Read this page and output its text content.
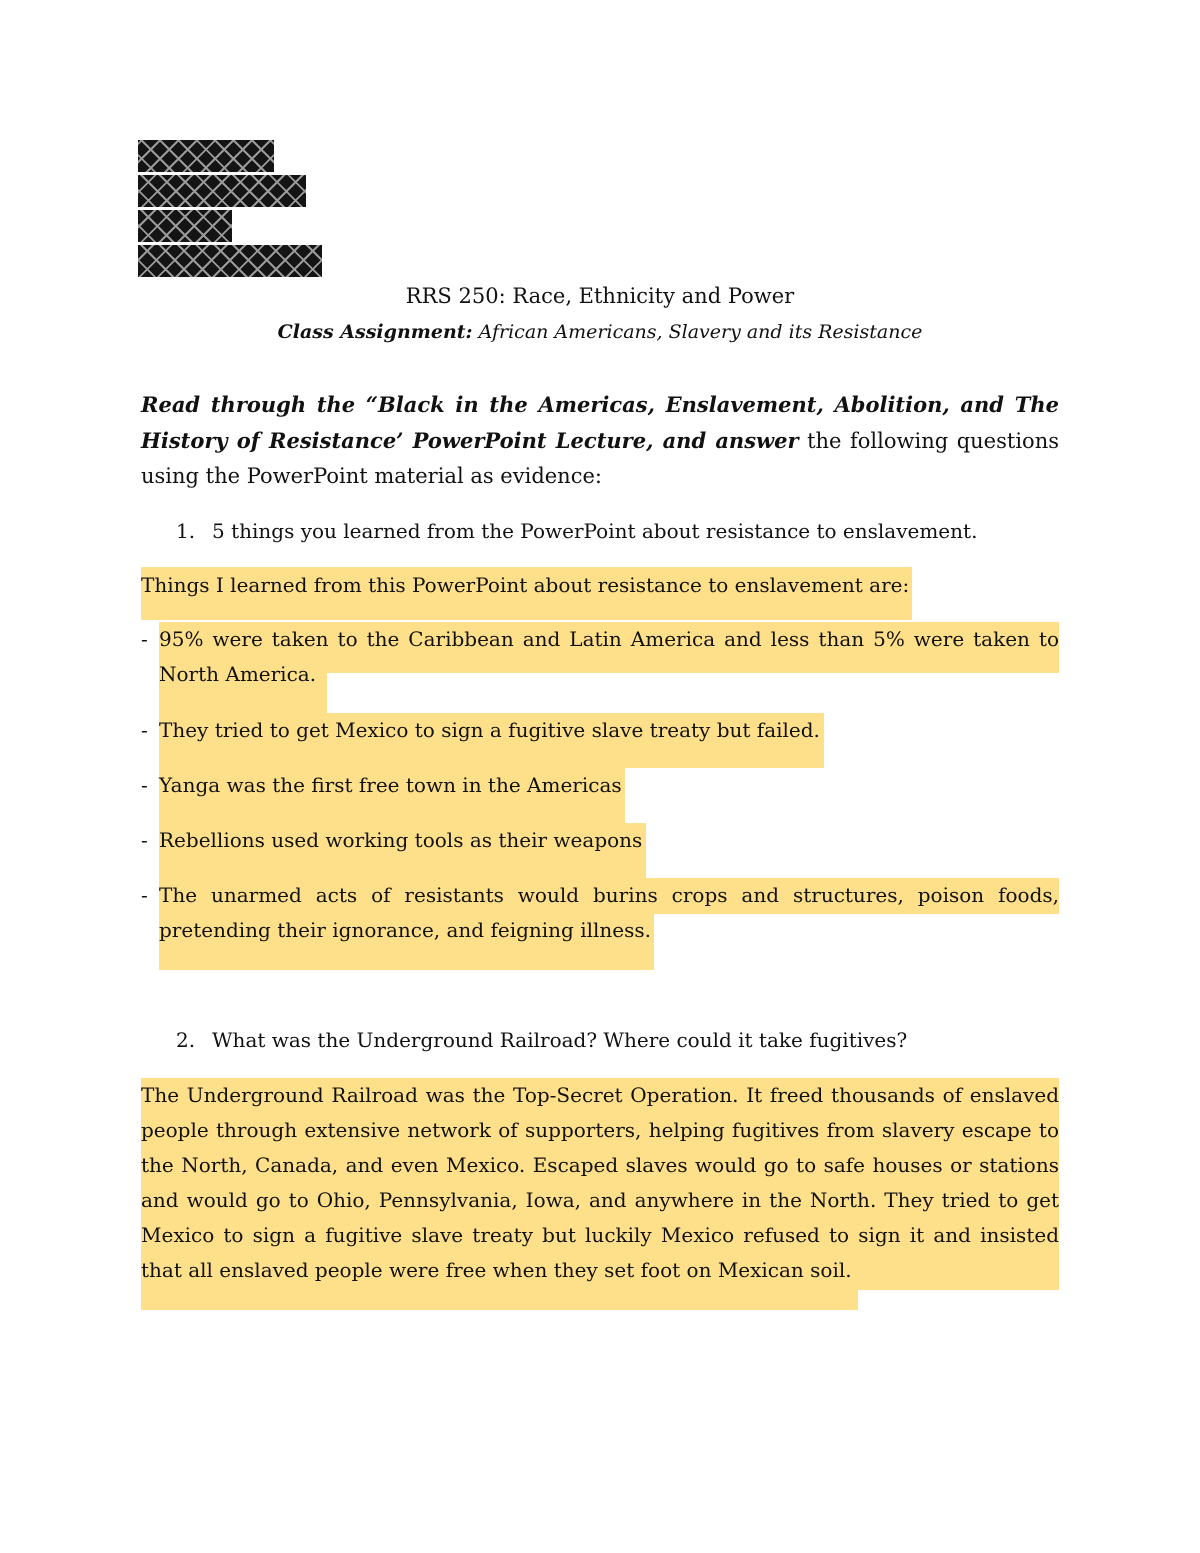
RRS 250: Race, Ethnicity and Power
Class Assignment: African Americans, Slavery and its Resistance
Read through the “Black in the Americas, Enslavement, Abolition, and The History of Resistance’ PowerPoint Lecture, and answer the following questions using the PowerPoint material as evidence:
1. 5 things you learned from the PowerPoint about resistance to enslavement.
Things I learned from this PowerPoint about resistance to enslavement are:
- 95% were taken to the Caribbean and Latin America and less than 5% were taken to North America.
- They tried to get Mexico to sign a fugitive slave treaty but failed.
- Yanga was the first free town in the Americas
- Rebellions used working tools as their weapons
- The unarmed acts of resistants would burins crops and structures, poison foods, pretending their ignorance, and feigning illness.
2. What was the Underground Railroad? Where could it take fugitives?
The Underground Railroad was the Top-Secret Operation. It freed thousands of enslaved people through extensive network of supporters, helping fugitives from slavery escape to the North, Canada, and even Mexico. Escaped slaves would go to safe houses or stations and would go to Ohio, Pennsylvania, Iowa, and anywhere in the North. They tried to get Mexico to sign a fugitive slave treaty but luckily Mexico refused to sign it and insisted that all enslaved people were free when they set foot on Mexican soil.
